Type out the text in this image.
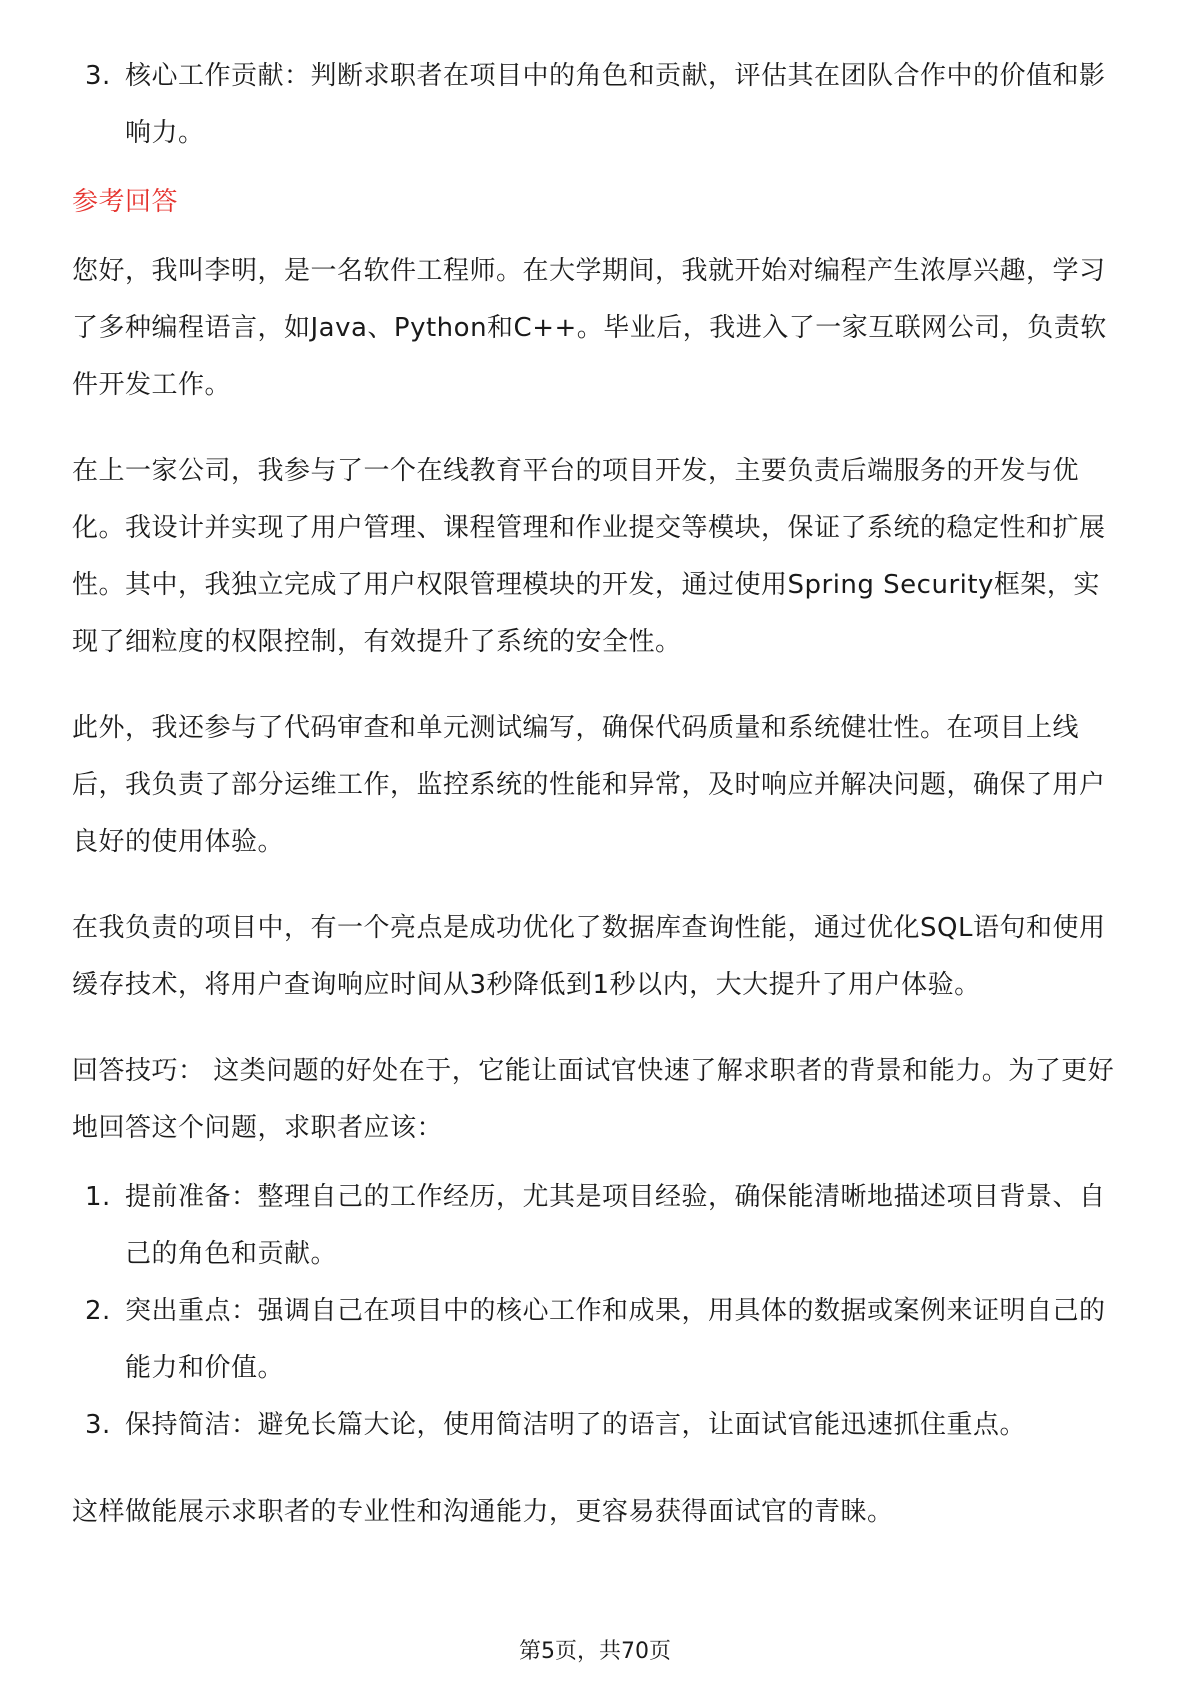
3. 核心工作贡献：判断求职者在项目中的角色和贡献，评估其在团队合作中的价值和影响力。
参考回答

您好，我叫李明，是一名软件工程师。在大学期间，我就开始对编程产生浓厚兴趣，学习了多种编程语言，如Java、Python和C++。毕业后，我进入了一家互联网公司，负责软件开发工作。

在上一家公司，我参与了一个在线教育平台的项目开发，主要负责后端服务的开发与优化。我设计并实现了用户管理、课程管理和作业提交等模块，保证了系统的稳定性和扩展性。其中，我独立完成了用户权限管理模块的开发，通过使用Spring Security框架，实现了细粒度的权限控制，有效提升了系统的安全性。

此外，我还参与了代码审查和单元测试编写，确保代码质量和系统健壮性。在项目上线后，我负责了部分运维工作，监控系统的性能和异常，及时响应并解决问题，确保了用户良好的使用体验。

在我负责的项目中，有一个亮点是成功优化了数据库查询性能，通过优化SQL语句和使用缓存技术，将用户查询响应时间从3秒降低到1秒以内，大大提升了用户体验。

回答技巧： 这类问题的好处在于，它能让面试官快速了解求职者的背景和能力。为了更好地回答这个问题，求职者应该：

1. 提前准备：整理自己的工作经历，尤其是项目经验，确保能清晰地描述项目背景、自己的角色和贡献。
2. 突出重点：强调自己在项目中的核心工作和成果，用具体的数据或案例来证明自己的能力和价值。
3. 保持简洁：避免长篇大论，使用简洁明了的语言，让面试官能迅速抓住重点。

这样做能展示求职者的专业性和沟通能力，更容易获得面试官的青睐。

第5页，共70页
